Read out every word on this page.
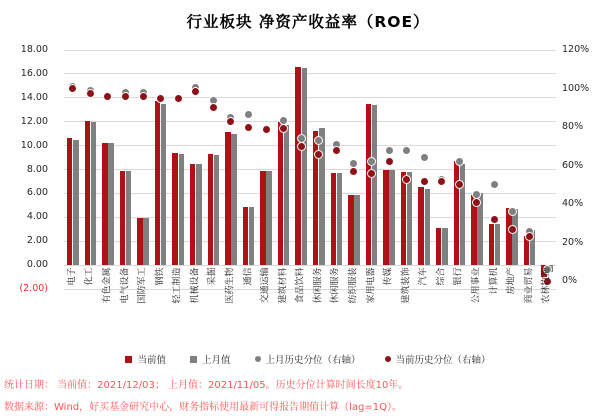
行业板块 净资产收益率（ROE）
18.00
16.00
14.00
12.00
10.00
8.00
6.00
4.00
2.00
0.00
(2.00)
120%
100%
80%
60%
40%
20%
0%
电子 化工 有色金属 电气设备 国防军工 钢铁 轻工制造 机械设备 采掘 医药生物 通信 交通运输 建筑材料 食品饮料 休闲服务 休闲服务 纺织服装 家用电器 传媒 建筑装饰 汽车 综合 银行 公用事业 计算机 房地产 商业贸易 农林牧渔
当前值	上月值	上月历史分位（右轴）	当前历史分位（右轴）
统计日期： 当前值：2021/12/03； 上月值：2021/11/05。历史分位计算时间长度10年。
数据来源：Wind，好买基金研究中心，财务指标使用最新可得报告期值计算（lag=1Q）。
